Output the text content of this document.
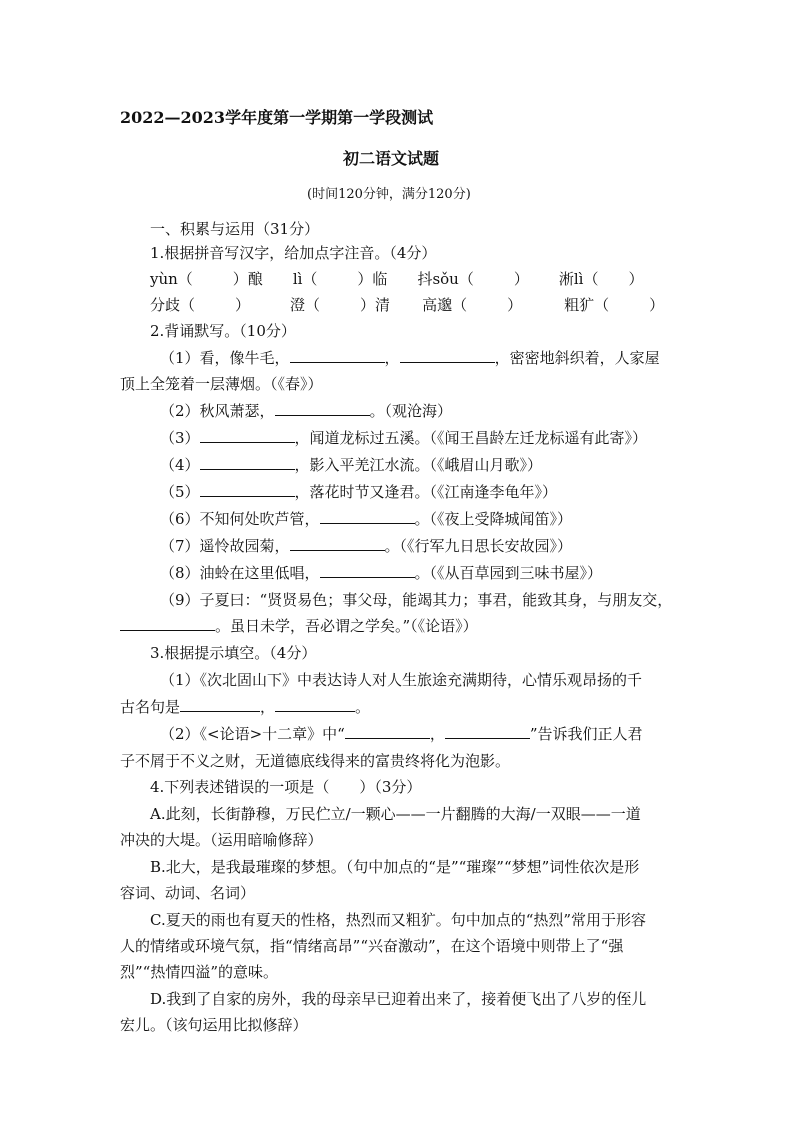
2022—2023学年度第一学期第一学段测试
初二语文试题
(时间120分钟，满分120分)
一、积累与运用（31分）
1.根据拼音写汉字，给加点字注音。（4分）
yùn（	）酿 lì（	）临 抖sǒu（	） 淅lì（ ）
分歧（	）	澄（	）清 高邈（	）	粗犷（	）
2.背诵默写。（10分）
（1）看，像牛毛，	，	，密密地斜织着，人家屋
顶上全笼着一层薄烟。（《春》）
（2）秋风萧瑟，	。（观沧海）
（3）	，闻道龙标过五溪。（《闻王昌龄左迁龙标遥有此寄》）
（4）	，影入平羌江水流。（《峨眉山月歌》）
（5）	，落花时节又逢君。（《江南逢李龟年》）
（6）不知何处吹芦管，	。（《夜上受降城闻笛》）
（7）遥怜故园菊，	。（《行军九日思长安故园》）
（8）油蛉在这里低唱，	。（《从百草园到三味书屋》）
（9）子夏曰：“贤贤易色；事父母，能竭其力；事君，能致其身，与朋友交，
。虽日未学，吾必谓之学矣。”（《论语》）
3.根据提示填空。（4分）
（1）《次北固山下》中表达诗人对人生旅途充满期待，心情乐观昂扬的千
古名句是	，	。
（2）《<论语>十二章》中“	，	”告诉我们正人君
子不屑于不义之财，无道德底线得来的富贵终将化为泡影。
4.下列表述错误的一项是（　　）（3分）
A.此刻，长街静穆，万民伫立/一颗心——一片翻腾的大海/一双眼——一道
冲决的大堤。（运用暗喻修辞）
B.北大，是我最璀璨的梦想。（句中加点的“是”“璀璨”“梦想”词性依次是形
容词、动词、名词）
C.夏天的雨也有夏天的性格，热烈而又粗犷。句中加点的“热烈”常用于形容
人的情绪或环境气氛，指“情绪高昂”“兴奋激动”，在这个语境中则带上了“强
烈”“热情四溢”的意味。
D.我到了自家的房外，我的母亲早已迎着出来了，接着便飞出了八岁的侄儿
宏儿。（该句运用比拟修辞）
